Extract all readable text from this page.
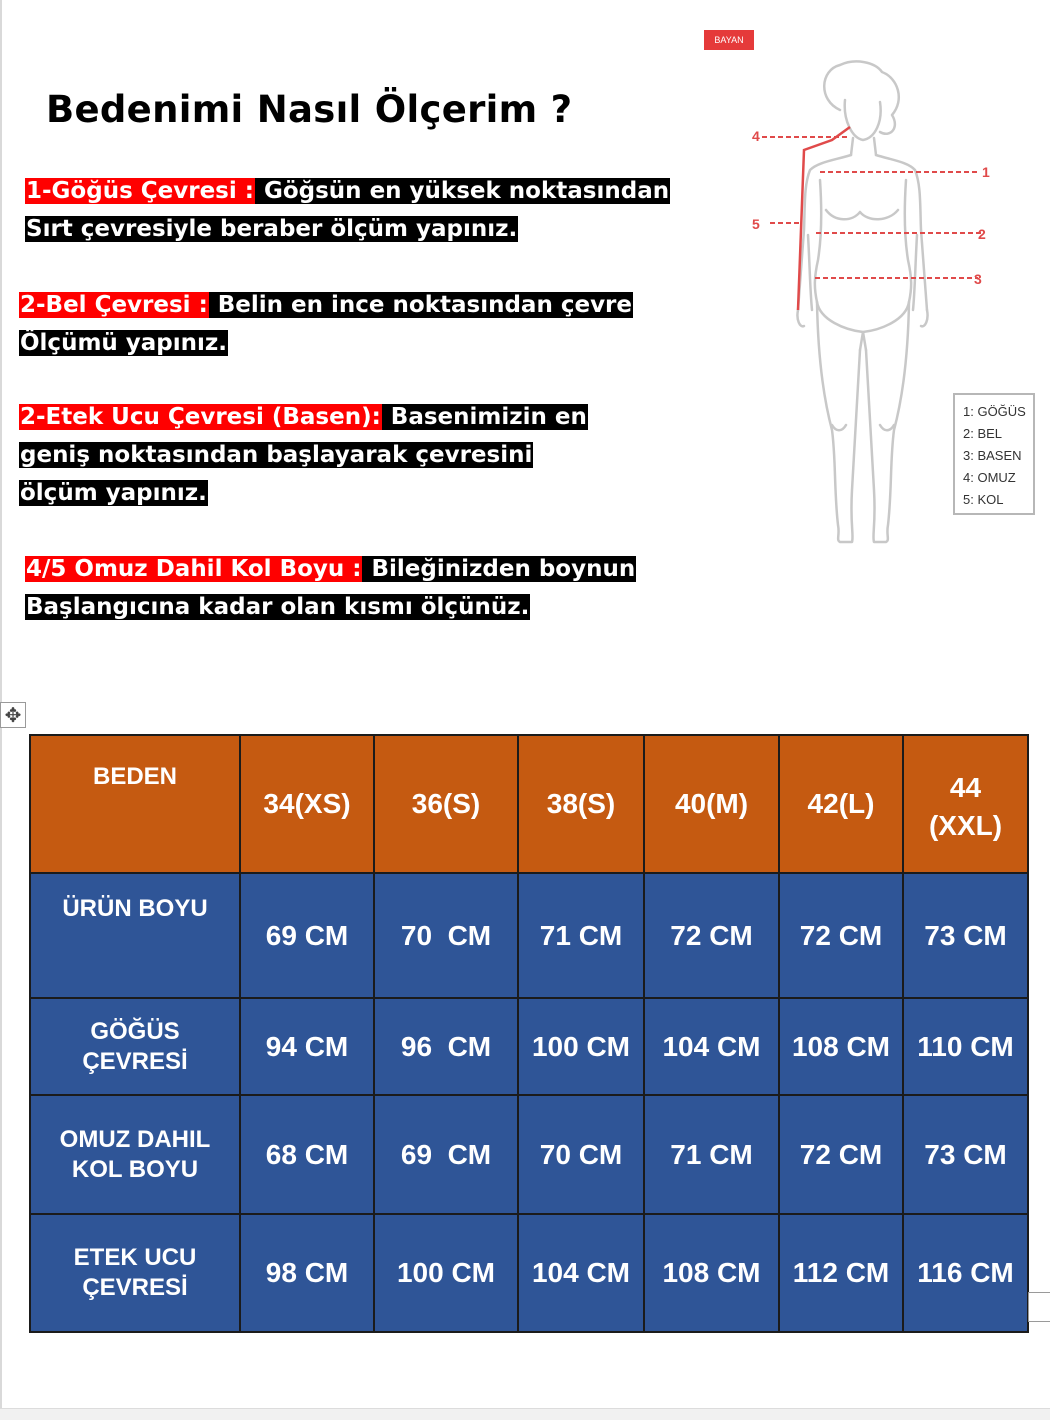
Bedenimi Nasıl Ölçerim ?
1-Göğüs Çevresi : Göğsün en yüksek noktasından
Sırt çevresiyle beraber ölçüm yapınız.
2-Bel Çevresi : Belin en ince noktasından çevre
Ölçümü yapınız.
2-Etek Ucu Çevresi (Basen): Basenimizin en
geniş noktasından başlayarak çevresini
ölçüm yapınız.
4/5 Omuz Dahil Kol Boyu : Bileğinizden boynun
Başlangıcına kadar olan kısmı ölçünüz.
BAYAN
1
2
3
4
5
1: GÖĞÜS
2: BEL
3: BASEN
4: OMUZ
5: KOL
✥
BEDEN	34(XS)	36(S)	38(S)	40(M)	42(L)	44 (XXL)
ÜRÜN BOYU	69 CM	70  CM	71 CM	72 CM	72 CM	73 CM
GÖĞÜS ÇEVRESİ	94 CM	96  CM	100 CM	104 CM	108 CM	110 CM
OMUZ DAHIL KOL BOYU	68 CM	69  CM	70 CM	71 CM	72 CM	73 CM
ETEK UCU ÇEVRESİ	98 CM	100 CM	104 CM	108 CM	112 CM	116 CM
